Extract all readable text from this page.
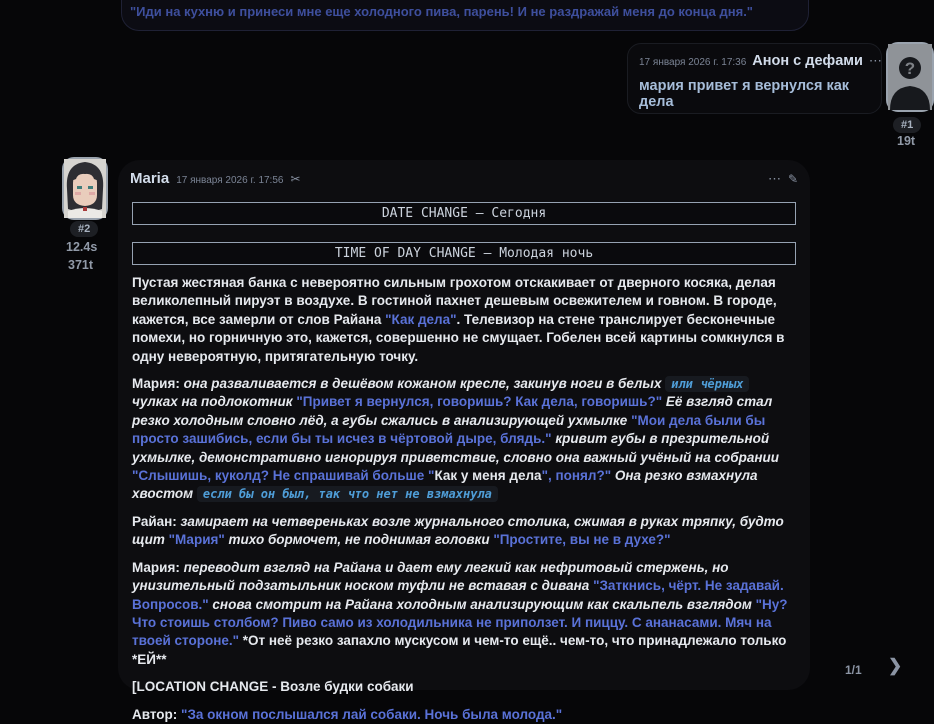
"Иди на кухню и принеси мне еще холодного пива, парень! И не раздражай меня до конца дня."
17 января 2026 г. 17:36 Анон с дефами ⋯
мария привет я вернулся как дела
?
#1
19t
Maria 17 января 2026 г. 17:56 ✂	⋯ ✎
DATE CHANGE — Сегодня
TIME OF DAY CHANGE — Молодая ночь

Пустая жестяная банка с невероятно сильным грохотом отскакивает от дверного косяка, делая великолепный пируэт в воздухе. В гостиной пахнет дешевым освежителем и говном. В городе, кажется, все замерли от слов Райана "Как дела". Телевизор на стене транслирует бесконечные помехи, но горничную это, кажется, совершенно не смущает. Гобелен всей картины сомкнулся в одну невероятную, притягательную точку.

Мария: она разваливается в дешёвом кожаном кресле, закинув ноги в белых или чёрных чулках на подлокотник "Привет я вернулся, говоришь? Как дела, говоришь?" Её взгляд стал резко холодным словно лёд, а губы сжались в анализирующей ухмылке "Мои дела были бы просто зашибись, если бы ты исчез в чёртовой дыре, блядь." кривит губы в презрительной ухмылке, демонстративно игнорируя приветствие, словно она важный учёный на собрании "Слышишь, куколд? Не спрашивай больше "Как у меня дела", понял?" Она резко взмахнула хвостом если бы он был, так что нет не взмахнула

Райан: замирает на четвереньках возле журнального столика, сжимая в руках тряпку, будто щит "Мария" тихо бормочет, не поднимая головки "Простите, вы не в духе?"

Мария: переводит взгляд на Райана и дает ему легкий как нефритовый стержень, но унизительный подзатыльник носком туфли не вставая с дивана "Заткнись, чёрт. Не задавай. Вопросов." снова смотрит на Райана холодным анализирующим как скальпель взглядом "Ну? Что стоишь столбом? Пиво само из холодильника не приползет. И пиццу. С ананасами. Мяч на твоей стороне." *От неё резко запахло мускусом и чем-то ещё.. чем-то, что принадлежало только *ЕЙ**

[LOCATION CHANGE - Возле будки собаки

Автор: "За окном послышался лай собаки. Ночь была молода."

#2
12.4s
371t
1/1 ❯
